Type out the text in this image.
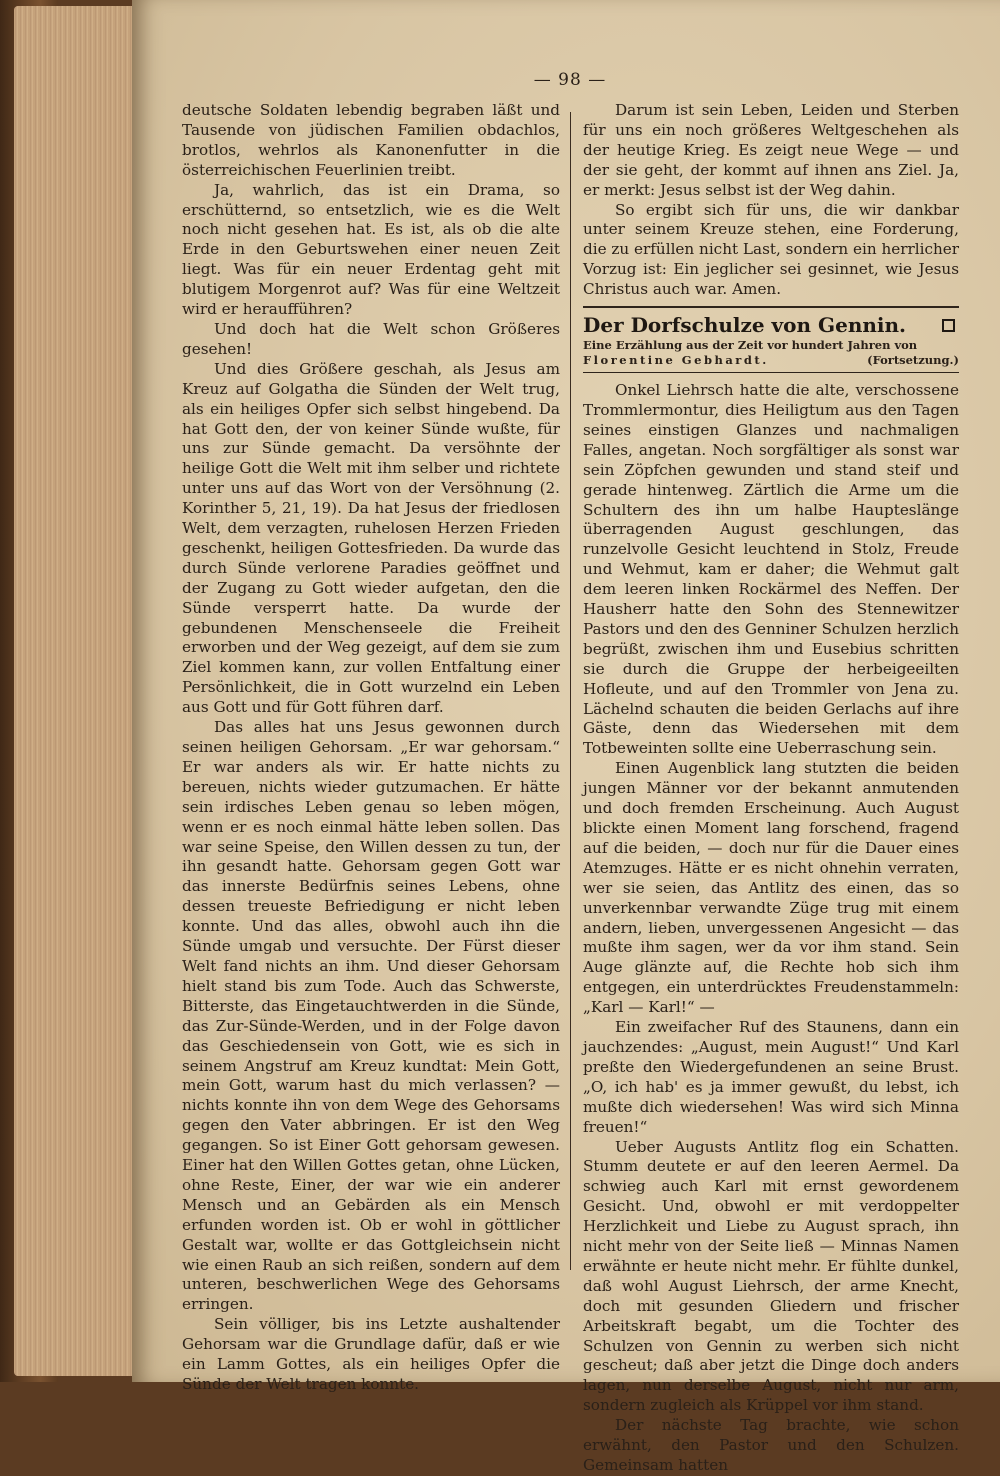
— 98 —

deutsche Soldaten lebendig begraben läßt und Tausende von jüdischen Familien obdachlos, brotlos, wehrlos als Kanonenfutter in die österreichischen Feuerlinien treibt.

Ja, wahrlich, das ist ein Drama, so erschütternd, so entsetzlich, wie es die Welt noch nicht gesehen hat. Es ist, als ob die alte Erde in den Geburtswehen einer neuen Zeit liegt. Was für ein neuer Erdentag geht mit blutigem Morgenrot auf? Was für eine Weltzeit wird er heraufführen?

Und doch hat die Welt schon Größeres gesehen!

Und dies Größere geschah, als Jesus am Kreuz auf Golgatha die Sünden der Welt trug, als ein heiliges Opfer sich selbst hingebend. Da hat Gott den, der von keiner Sünde wußte, für uns zur Sünde gemacht. Da versöhnte der heilige Gott die Welt mit ihm selber und richtete unter uns auf das Wort von der Versöhnung (2. Korinther 5, 21, 19). Da hat Jesus der friedlosen Welt, dem verzagten, ruhelosen Herzen Frieden geschenkt, heiligen Gottesfrieden. Da wurde das durch Sünde verlorene Paradies geöffnet und der Zugang zu Gott wieder aufgetan, den die Sünde versperrt hatte. Da wurde der gebundenen Menschenseele die Freiheit erworben und der Weg gezeigt, auf dem sie zum Ziel kommen kann, zur vollen Entfaltung einer Persönlichkeit, die in Gott wurzelnd ein Leben aus Gott und für Gott führen darf.

Das alles hat uns Jesus gewonnen durch seinen heiligen Gehorsam. „Er war gehorsam.“ Er war anders als wir. Er hatte nichts zu bereuen, nichts wieder gutzumachen. Er hätte sein irdisches Leben genau so leben mögen, wenn er es noch einmal hätte leben sollen. Das war seine Speise, den Willen dessen zu tun, der ihn gesandt hatte. Gehorsam gegen Gott war das innerste Bedürfnis seines Lebens, ohne dessen treueste Befriedigung er nicht leben konnte. Und das alles, obwohl auch ihn die Sünde umgab und versuchte. Der Fürst dieser Welt fand nichts an ihm. Und dieser Gehorsam hielt stand bis zum Tode. Auch das Schwerste, Bitterste, das Eingetauchtwerden in die Sünde, das Zur-Sünde-Werden, und in der Folge davon das Geschiedensein von Gott, wie es sich in seinem Angstruf am Kreuz kundtat: Mein Gott, mein Gott, warum hast du mich verlassen? — nichts konnte ihn von dem Wege des Gehorsams gegen den Vater abbringen. Er ist den Weg gegangen. So ist Einer Gott gehorsam gewesen. Einer hat den Willen Gottes getan, ohne Lücken, ohne Reste, Einer, der war wie ein anderer Mensch und an Gebärden als ein Mensch erfunden worden ist. Ob er wohl in göttlicher Gestalt war, wollte er das Gottgleichsein nicht wie einen Raub an sich reißen, sondern auf dem unteren, beschwerlichen Wege des Gehorsams erringen.

Sein völliger, bis ins Letzte aushaltender Gehorsam war die Grundlage dafür, daß er wie ein Lamm Gottes, als ein heiliges Opfer die Sünde der Welt tragen konnte.

Darum ist sein Leben, Leiden und Sterben für uns ein noch größeres Weltgeschehen als der heutige Krieg. Es zeigt neue Wege — und der sie geht, der kommt auf ihnen ans Ziel. Ja, er merkt: Jesus selbst ist der Weg dahin.

So ergibt sich für uns, die wir dankbar unter seinem Kreuze stehen, eine Forderung, die zu erfüllen nicht Last, sondern ein herrlicher Vorzug ist: Ein jeglicher sei gesinnet, wie Jesus Christus auch war. Amen.

Der Dorfschulze von Gennin.
Eine Erzählung aus der Zeit vor hundert Jahren von
Florentine Gebhardt.	(Fortsetzung.)

Onkel Liehrsch hatte die alte, verschossene Trommlermontur, dies Heiligtum aus den Tagen seines einstigen Glanzes und nachmaligen Falles, angetan. Noch sorgfältiger als sonst war sein Zöpfchen gewunden und stand steif und gerade hintenweg. Zärtlich die Arme um die Schultern des ihn um halbe Haupteslänge überragenden August geschlungen, das runzelvolle Gesicht leuchtend in Stolz, Freude und Wehmut, kam er daher; die Wehmut galt dem leeren linken Rockärmel des Neffen. Der Hausherr hatte den Sohn des Stennewitzer Pastors und den des Genniner Schulzen herzlich begrüßt, zwischen ihm und Eusebius schritten sie durch die Gruppe der herbeigeeilten Hofleute, und auf den Trommler von Jena zu. Lächelnd schauten die beiden Gerlachs auf ihre Gäste, denn das Wiedersehen mit dem Totbeweinten sollte eine Ueberraschung sein.

Einen Augenblick lang stutzten die beiden jungen Männer vor der bekannt anmutenden und doch fremden Erscheinung. Auch August blickte einen Moment lang forschend, fragend auf die beiden, — doch nur für die Dauer eines Atemzuges. Hätte er es nicht ohnehin verraten, wer sie seien, das Antlitz des einen, das so unverkennbar verwandte Züge trug mit einem andern, lieben, unvergessenen Angesicht — das mußte ihm sagen, wer da vor ihm stand. Sein Auge glänzte auf, die Rechte hob sich ihm entgegen, ein unterdrücktes Freudenstammeln: „Karl — Karl!“ —

Ein zweifacher Ruf des Staunens, dann ein jauchzendes: „August, mein August!“ Und Karl preßte den Wiedergefundenen an seine Brust. „O, ich hab' es ja immer gewußt, du lebst, ich mußte dich wiedersehen! Was wird sich Minna freuen!“

Ueber Augusts Antlitz flog ein Schatten. Stumm deutete er auf den leeren Aermel. Da schwieg auch Karl mit ernst gewordenem Gesicht. Und, obwohl er mit verdoppelter Herzlichkeit und Liebe zu August sprach, ihn nicht mehr von der Seite ließ — Minnas Namen erwähnte er heute nicht mehr. Er fühlte dunkel, daß wohl August Liehrsch, der arme Knecht, doch mit gesunden Gliedern und frischer Arbeitskraft begabt, um die Tochter des Schulzen von Gennin zu werben sich nicht gescheut; daß aber jetzt die Dinge doch anders lagen, nun derselbe August, nicht nur arm, sondern zugleich als Krüppel vor ihm stand.

Der nächste Tag brachte, wie schon erwähnt, den Pastor und den Schulzen. Gemeinsam hatten
